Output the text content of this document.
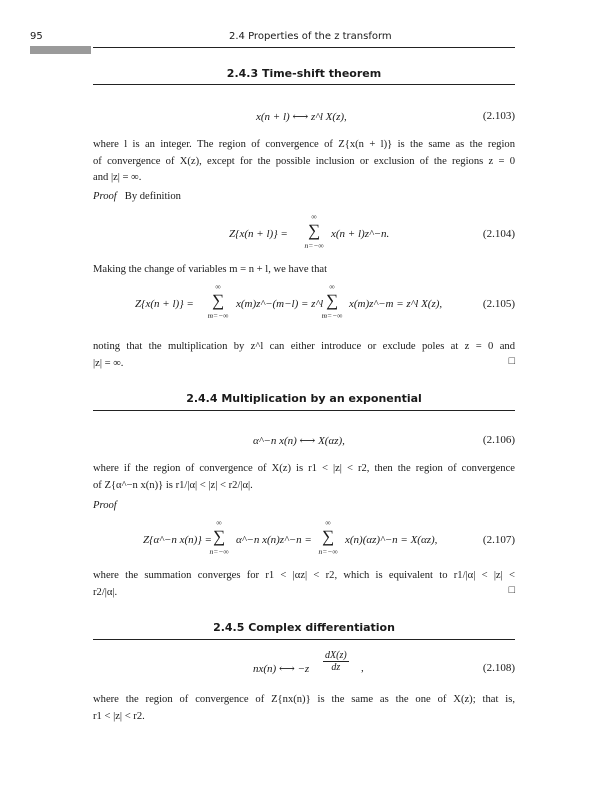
95	2.4 Properties of the z transform
2.4.3 Time-shift theorem
x(n + l) ⟷ z^l X(z),	(2.103)
where l is an integer. The region of convergence of Z{x(n + l)} is the same as the region
of convergence of X(z), except for the possible inclusion or exclusion of the regions z = 0
and |z| = ∞.
Proof By definition
Z{x(n + l)} = ∑
∞
n=−∞
x(n + l)z^−n.	(2.104)
Making the change of variables m = n + l, we have that
Z{x(n + l)} = ∑
∞
m=−∞
x(m)z^−(m−l) = z^l ∑
∞
m=−∞
x(m)z^−m = z^l X(z),	(2.105)
noting that the multiplication by z^l can either introduce or exclude poles at z = 0 and
|z| = ∞.	□
2.4.4 Multiplication by an exponential
α^−n x(n) ⟷ X(αz),	(2.106)
where if the region of convergence of X(z) is r1 < |z| < r2, then the region of convergence
of Z{α^−n x(n)} is r1/|α| < |z| < r2/|α|.
Proof
Z{α^−n x(n)} = ∑
∞
n=−∞
α^−n x(n)z^−n = ∑
∞
n=−∞
x(n)(αz)^−n = X(αz),	(2.107)
where the summation converges for r1 < |αz| < r2, which is equivalent to r1/|α| < |z| <
r2/|α|.	□
2.4.5 Complex differentiation
nx(n) ⟷ $-z \frac{dX(z)}{dz}$ ,	(2.108)
where the region of convergence of Z{nx(n)} is the same as the one of X(z); that is,
r1 < |z| < r2.
